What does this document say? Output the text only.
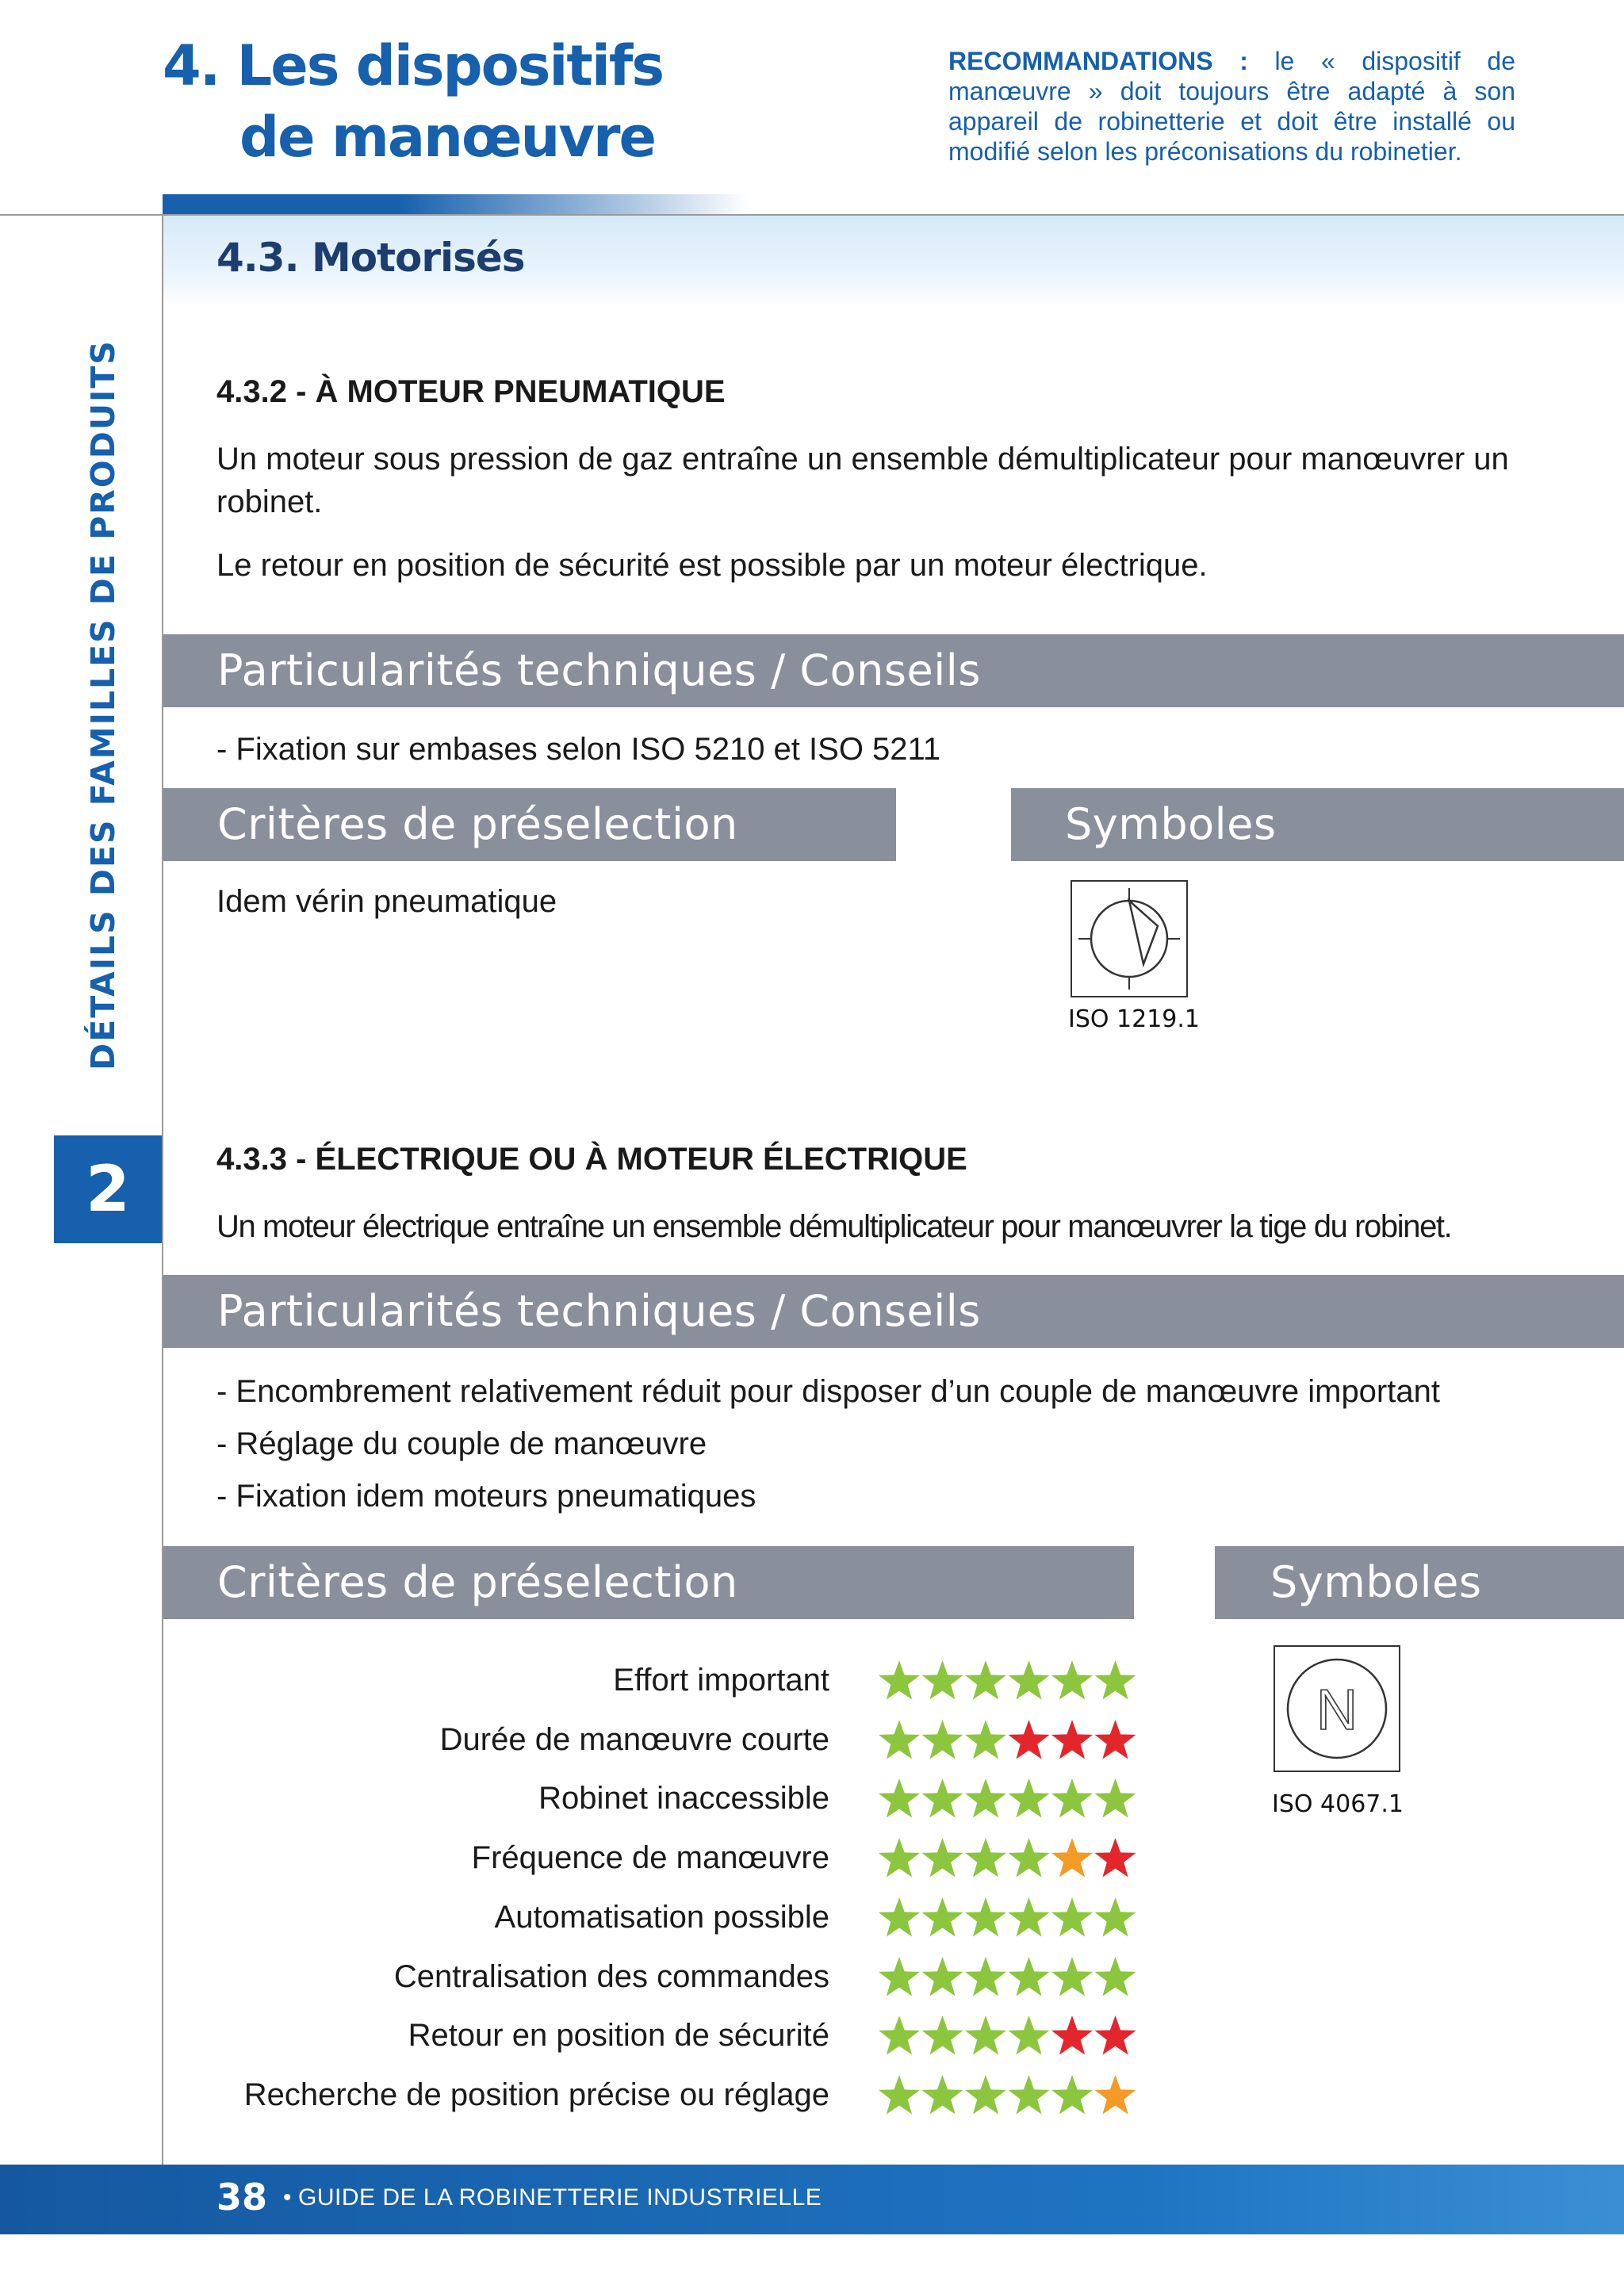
4. Les dispositifs
de manœuvre
RECOMMANDATIONS : le « dispositif de manœuvre » doit toujours être adapté à son appareil de robinetterie et doit être installé ou modifié selon les préconisations du robinetier.
DÉTAILS DES FAMILLES DE PRODUITS
2
4.3. Motorisés
4.3.2 - À MOTEUR PNEUMATIQUE
Un moteur sous pression de gaz entraîne un ensemble démultiplicateur pour manœuvrer un robinet.
Le retour en position de sécurité est possible par un moteur électrique.
Particularités techniques / Conseils
- Fixation sur embases selon ISO 5210 et ISO 5211
Critères de préselection	Symboles
Idem vérin pneumatique
ISO 1219.1
4.3.3 - ÉLECTRIQUE OU À MOTEUR ÉLECTRIQUE
Un moteur électrique entraîne un ensemble démultiplicateur pour manœuvrer la tige du robinet.
Particularités techniques / Conseils
- Encombrement relativement réduit pour disposer d’un couple de manœuvre important
- Réglage du couple de manœuvre
- Fixation idem moteurs pneumatiques
Critères de préselection	Symboles
Effort important
Durée de manœuvre courte
Robinet inaccessible
Fréquence de manœuvre
Automatisation possible
Centralisation des commandes
Retour en position de sécurité
Recherche de position précise ou réglage
N
ISO 4067.1
38 • GUIDE DE LA ROBINETTERIE INDUSTRIELLE
